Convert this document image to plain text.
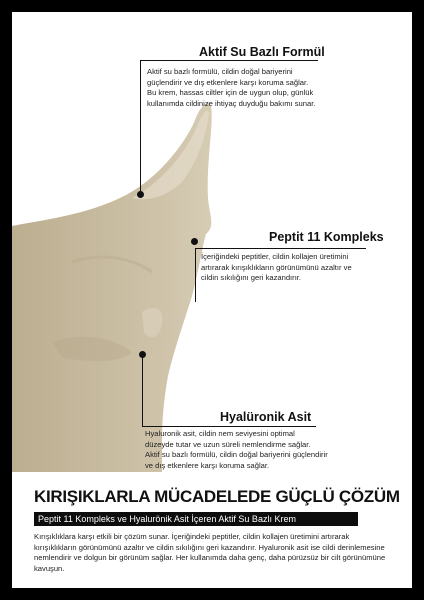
Aktif Su Bazlı Formül

Aktif su bazlı formülü, cildin doğal bariyerini
güçlendirir ve dış etkenlere karşı koruma sağlar.
Bu krem, hassas ciltler için de uygun olup, günlük
kullanımda cildinize ihtiyaç duyduğu bakımı sunar.

Peptit 11 Kompleks

İçeriğindeki peptitler, cildin kollajen üretimini
artırarak kırışıklıkların görünümünü azaltır ve
cildin sıkılığını geri kazandırır.

Hyalüronik Asit

Hyaluronik asit, cildin nem seviyesini optimal
düzeyde tutar ve uzun süreli nemlendirme sağlar.
Aktif su bazlı formülü, cildin doğal bariyerini güçlendirir
ve dış etkenlere karşı koruma sağlar.

KIRIŞIKLARLA MÜCADELEDE GÜÇLÜ ÇÖZÜM
Peptit 11 Kompleks ve Hyalurönik Asit İçeren Aktif Su Bazlı Krem

Kırışıklıklara karşı etkili bir çözüm sunar. İçeriğindeki peptitler, cildin kollajen üretimini artırarak
kırışıklıkların görünümünü azaltır ve cildin sıkılığını geri kazandırır. Hyaluronik asit ise cildi derinlemesine
nemlendirir ve dolgun bir görünüm sağlar. Her kullanımda daha genç, daha pürüzsüz bir cilt görünümüne
kavuşun.
